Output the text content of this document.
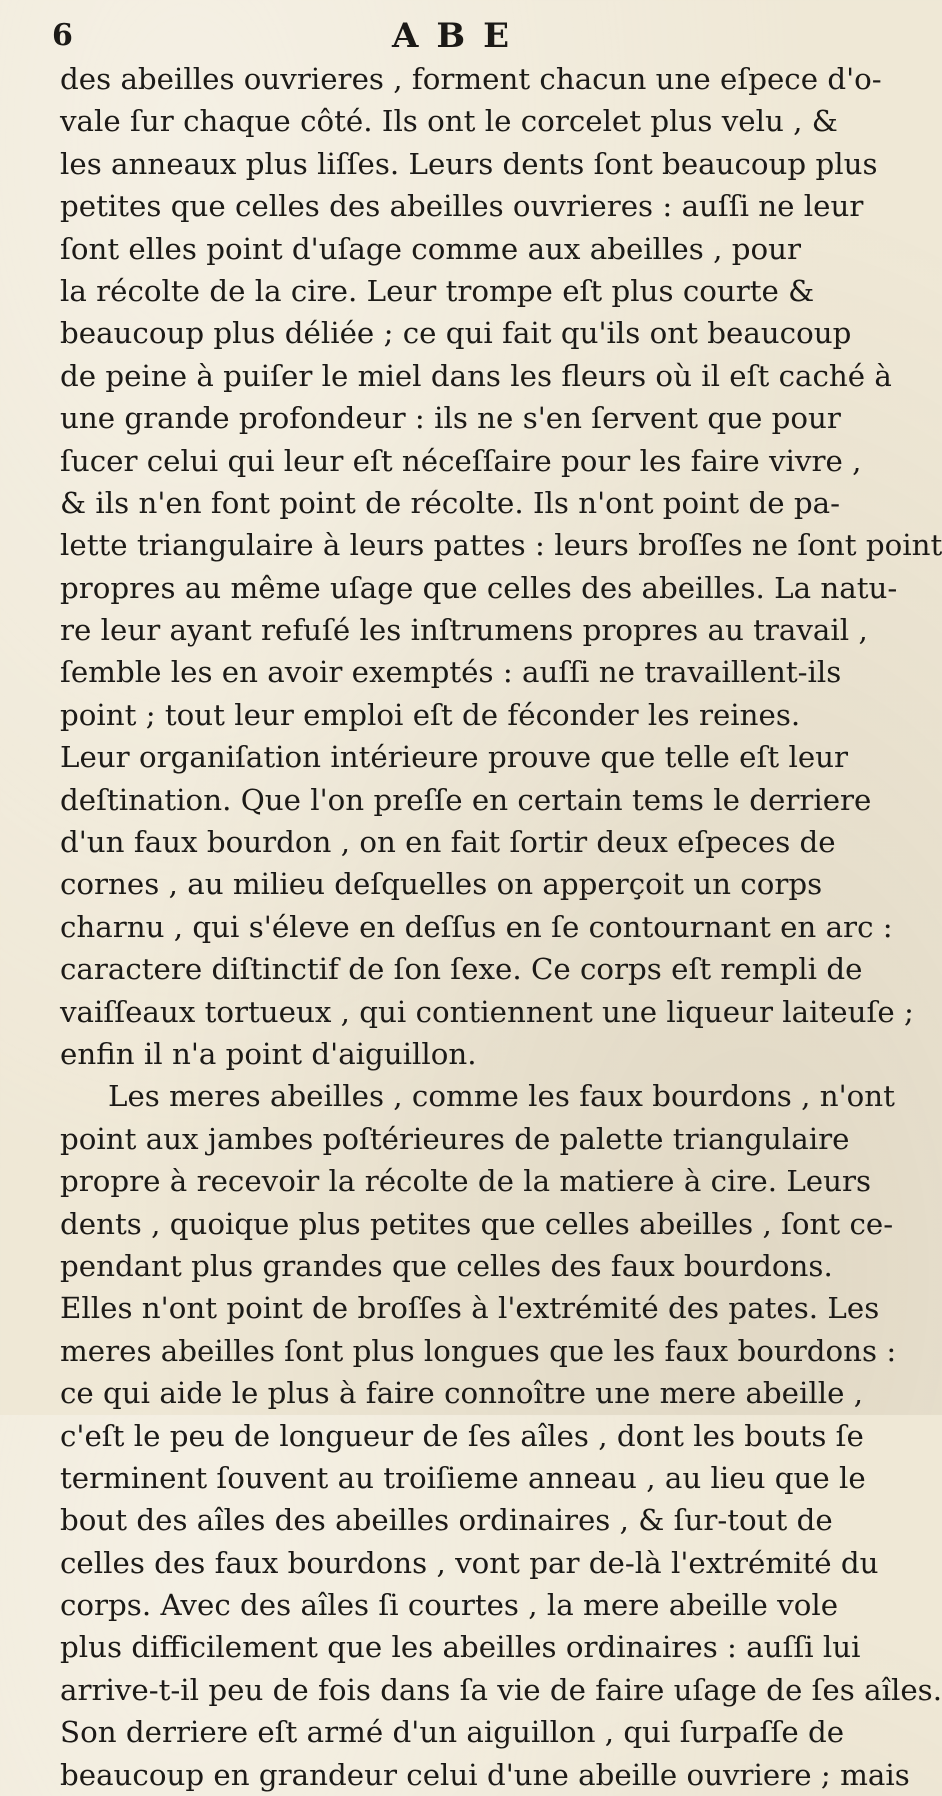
6	ABE
des abeilles ouvrieres , forment chacun une eſpece d'o-
vale ſur chaque côté. Ils ont le corcelet plus velu , &
les anneaux plus liſſes. Leurs dents ſont beaucoup plus
petites que celles des abeilles ouvrieres : auſſi ne leur
ſont elles point d'uſage comme aux abeilles , pour
la récolte de la cire. Leur trompe eſt plus courte &
beaucoup plus déliée ; ce qui fait qu'ils ont beaucoup
de peine à puiſer le miel dans les fleurs où il eſt caché à
une grande profondeur : ils ne s'en ſervent que pour
ſucer celui qui leur eſt néceſſaire pour les faire vivre ,
& ils n'en font point de récolte. Ils n'ont point de pa-
lette triangulaire à leurs pattes : leurs broſſes ne ſont point
propres au même uſage que celles des abeilles. La natu-
re leur ayant refuſé les inſtrumens propres au travail ,
ſemble les en avoir exemptés : auſſi ne travaillent-ils
point ; tout leur emploi eſt de féconder les reines.
Leur organiſation intérieure prouve que telle eſt leur
deſtination. Que l'on preſſe en certain tems le derriere
d'un faux bourdon , on en fait ſortir deux eſpeces de
cornes , au milieu deſquelles on apperçoit un corps
charnu , qui s'éleve en deſſus en ſe contournant en arc :
caractere diſtinctif de ſon ſexe. Ce corps eſt rempli de
vaiſſeaux tortueux , qui contiennent une liqueur laiteuſe ;
enfin il n'a point d'aiguillon.
Les meres abeilles , comme les faux bourdons , n'ont
point aux jambes poſtérieures de palette triangulaire
propre à recevoir la récolte de la matiere à cire. Leurs
dents , quoique plus petites que celles abeilles , ſont ce-
pendant plus grandes que celles des faux bourdons.
Elles n'ont point de broſſes à l'extrémité des pates. Les
meres abeilles ſont plus longues que les faux bourdons :
ce qui aide le plus à faire connoître une mere abeille ,
c'eſt le peu de longueur de ſes aîles , dont les bouts ſe
terminent ſouvent au troiſieme anneau , au lieu que le
bout des aîles des abeilles ordinaires , & ſur-tout de
celles des faux bourdons , vont par de-là l'extrémité du
corps. Avec des aîles ſi courtes , la mere abeille vole
plus difficilement que les abeilles ordinaires : auſſi lui
arrive-t-il peu de fois dans ſa vie de faire uſage de ſes aîles.
Son derriere eſt armé d'un aiguillon , qui ſurpaſſe de
beaucoup en grandeur celui d'une abeille ouvriere ; mais
